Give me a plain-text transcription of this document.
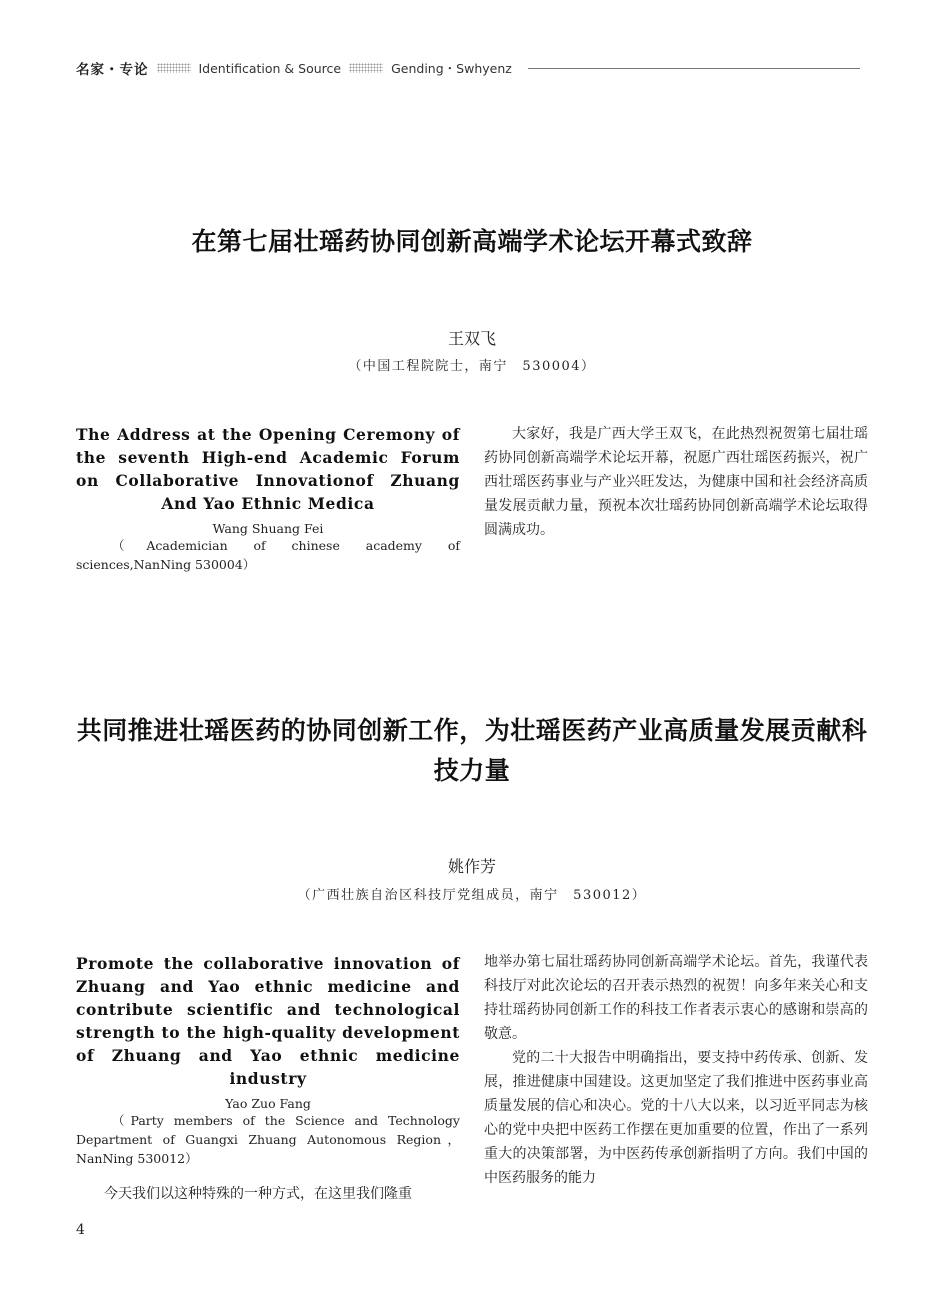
名家・专论	Identification & Source	Gending・Swhyenz
在第七届壮瑶药协同创新高端学术论坛开幕式致辞
王双飞
（中国工程院院士，南宁　530004）
The Address at the Opening Ceremony of the seventh High-end Academic Forum on Collaborative Innovationof Zhuang And Yao Ethnic Medica
Wang Shuang Fei
（Academician of chinese academy of sciences,NanNing 530004）

大家好，我是广西大学王双飞，在此热烈祝贺第七届壮瑶药协同创新高端学术论坛开幕，祝愿广西壮瑶医药振兴，祝广西壮瑶医药事业与产业兴旺发达，为健康中国和社会经济高质量发展贡献力量，预祝本次壮瑶药协同创新高端学术论坛取得圆满成功。

共同推进壮瑶医药的协同创新工作，为壮瑶医药产业高质量发展贡献科技力量
姚作芳
（广西壮族自治区科技厅党组成员，南宁　530012）
Promote the collaborative innovation of Zhuang and Yao ethnic medicine and contribute scientific and technological strength to the high-quality development of Zhuang and Yao ethnic medicine industry
Yao Zuo Fang
（Party members of the Science and Technology Department of Guangxi Zhuang Autonomous Region，NanNing 530012）

今天我们以这种特殊的一种方式，在这里我们隆重

地举办第七届壮瑶药协同创新高端学术论坛。首先，我谨代表科技厅对此次论坛的召开表示热烈的祝贺！向多年来关心和支持壮瑶药协同创新工作的科技工作者表示衷心的感谢和崇高的敬意。

党的二十大报告中明确指出，要支持中药传承、创新、发展，推进健康中国建设。这更加坚定了我们推进中医药事业高质量发展的信心和决心。党的十八大以来，以习近平同志为核心的党中央把中医药工作摆在更加重要的位置，作出了一系列重大的决策部署，为中医药传承创新指明了方向。我们中国的中医药服务的能力

4
